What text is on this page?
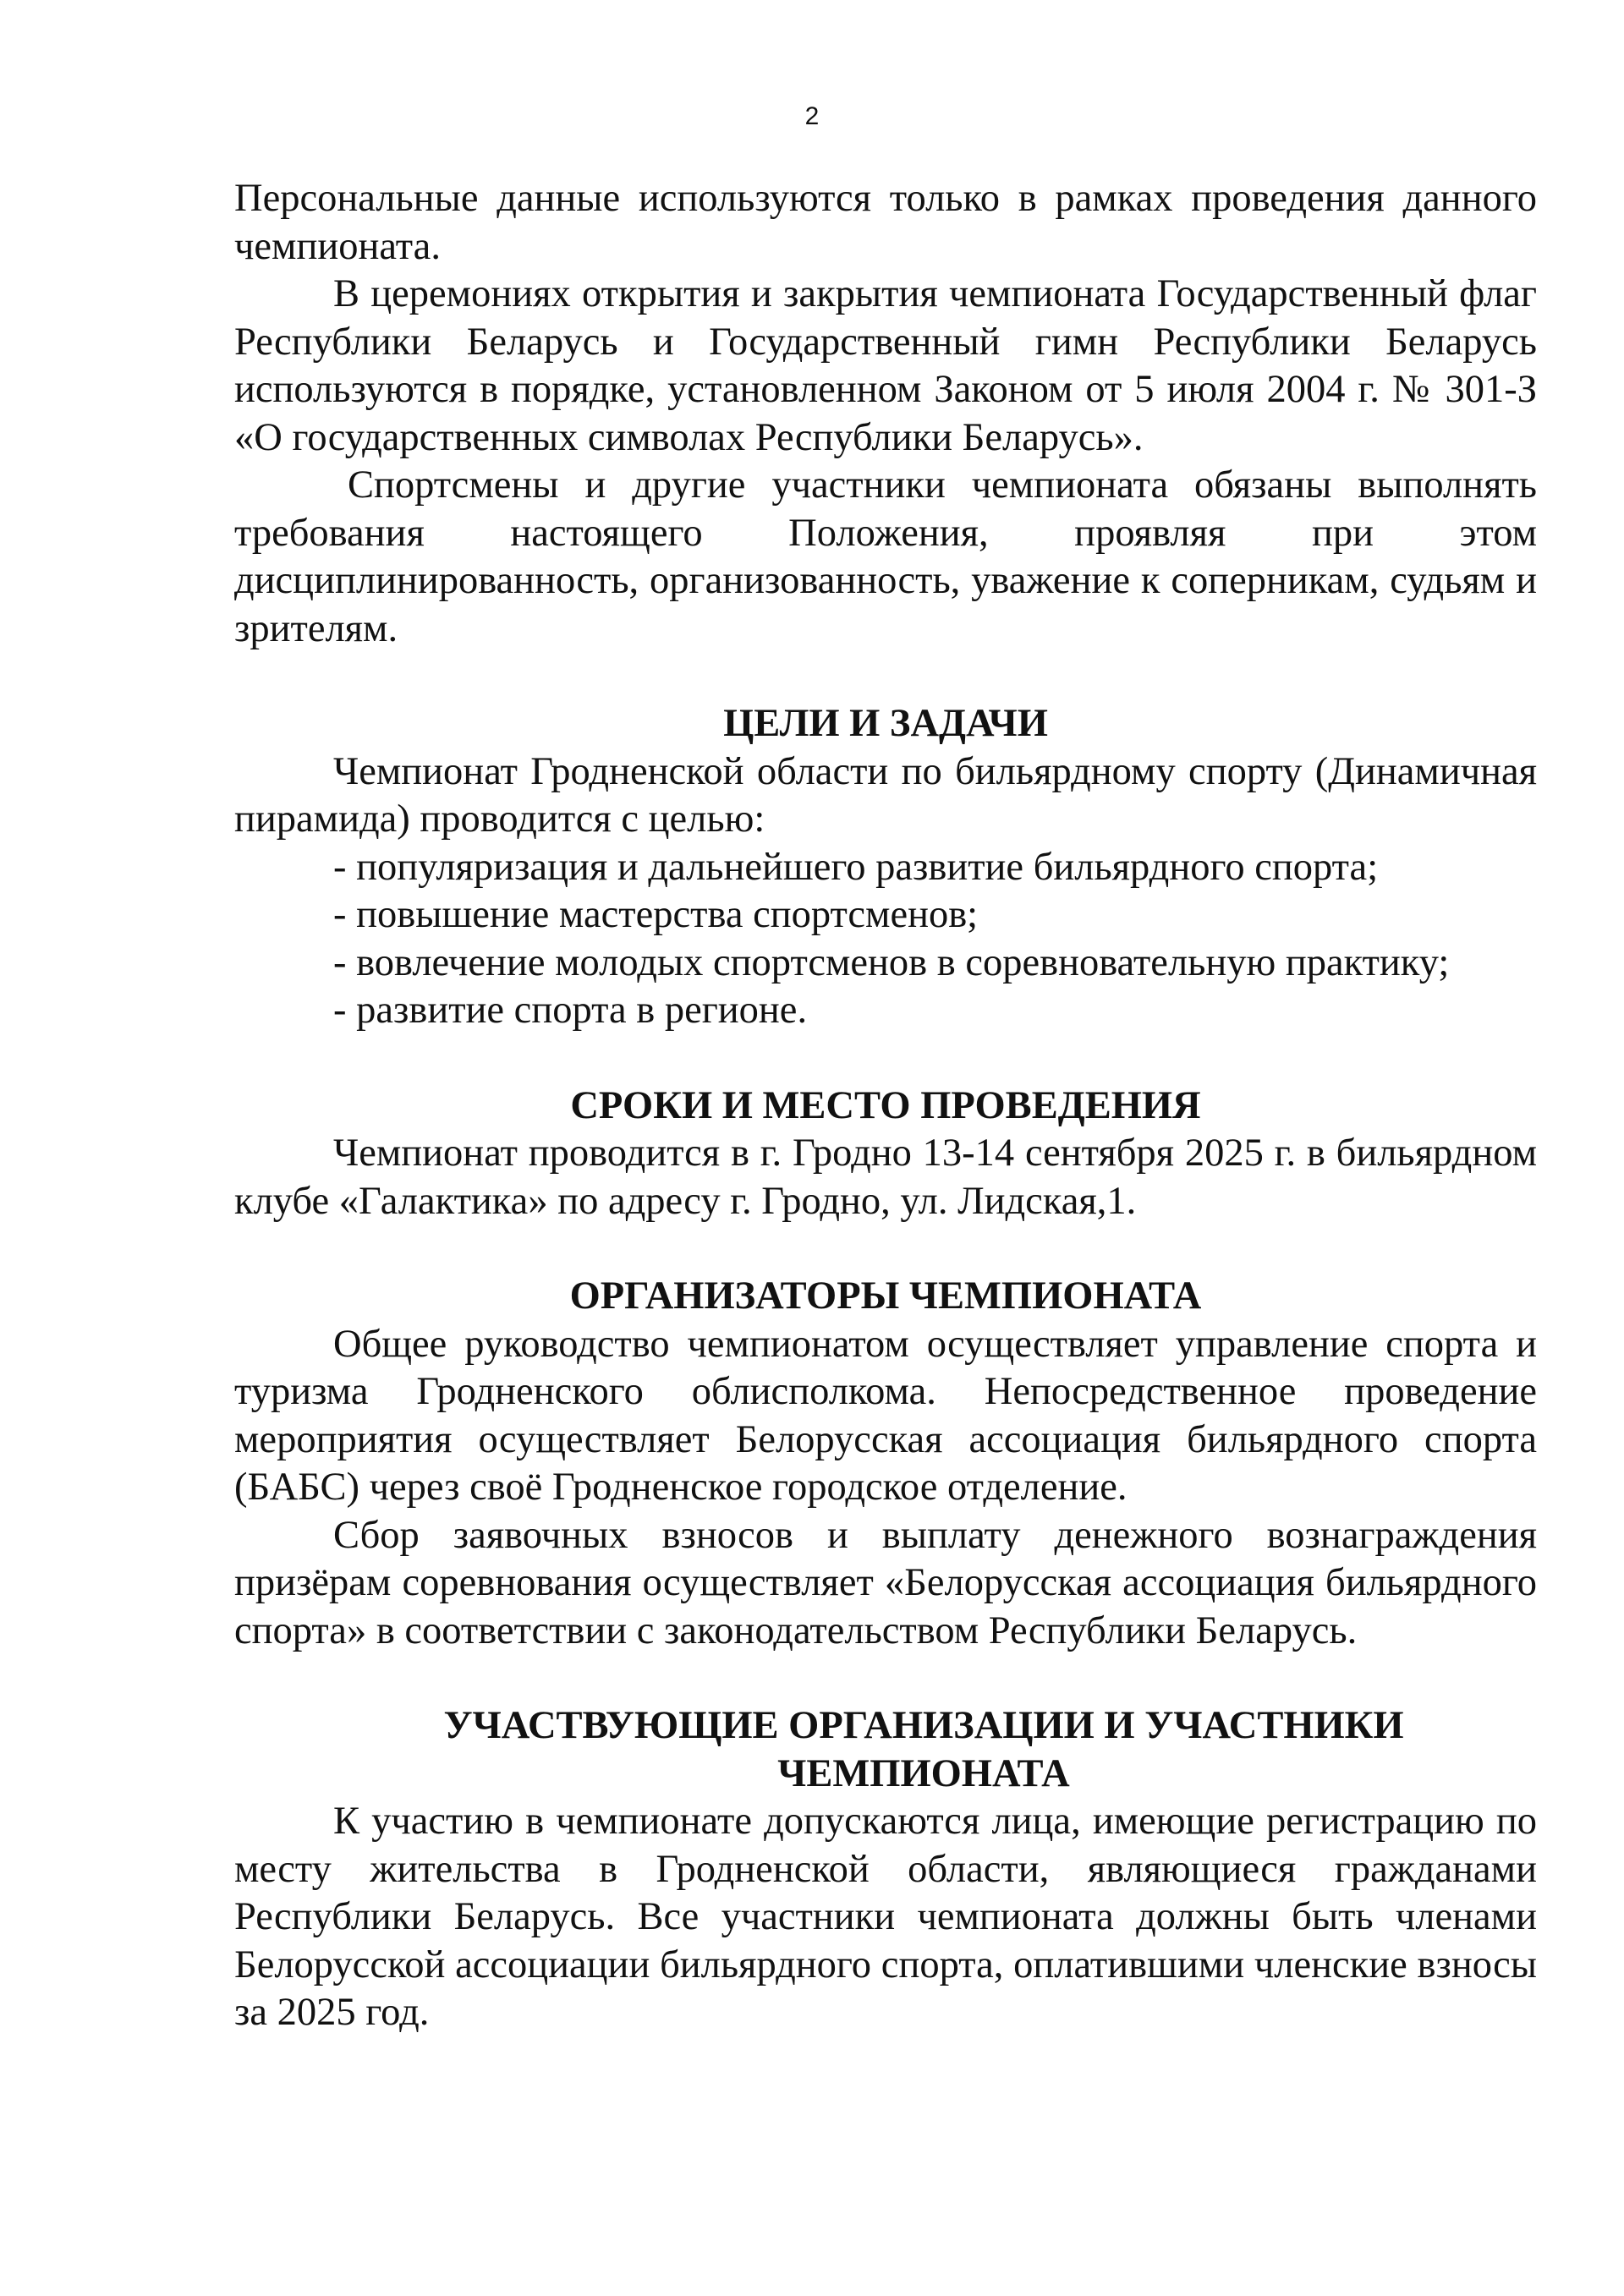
2

Персональные данные используются только в рамках проведения данного чемпионата.

В церемониях открытия и закрытия чемпионата Государственный флаг Республики Беларусь и Государственный гимн Республики Беларусь используются в порядке, установленном Законом от 5 июля 2004 г. № 301-З «О государственных символах Республики Беларусь».

Спортсмены и другие участники чемпионата обязаны выполнять требования настоящего Положения, проявляя при этом дисциплинированность, организованность, уважение к соперникам, судьям и зрителям.

ЦЕЛИ И ЗАДАЧИ

Чемпионат Гродненской области по бильярдному спорту (Динамичная пирамида) проводится с целью:

- популяризация и дальнейшего развитие бильярдного спорта;

- повышение мастерства спортсменов;

- вовлечение молодых спортсменов в соревновательную практику;

- развитие спорта в регионе.

СРОКИ И МЕСТО ПРОВЕДЕНИЯ

Чемпионат проводится в г. Гродно 13-14 сентября 2025 г. в бильярдном клубе «Галактика» по адресу г. Гродно, ул. Лидская,1.

ОРГАНИЗАТОРЫ ЧЕМПИОНАТА

Общее руководство чемпионатом осуществляет управление спорта и туризма Гродненского облисполкома. Непосредственное проведение мероприятия осуществляет Белорусская ассоциация бильярдного спорта (БАБС) через своё Гродненское городское отделение.

Сбор заявочных взносов и выплату денежного вознаграждения призёрам соревнования осуществляет «Белорусская ассоциация бильярдного спорта» в соответствии с законодательством Республики Беларусь.

УЧАСТВУЮЩИЕ ОРГАНИЗАЦИИ И УЧАСТНИКИ
ЧЕМПИОНАТА

К участию в чемпионате допускаются лица, имеющие регистрацию по месту жительства в Гродненской области, являющиеся гражданами Республики Беларусь. Все участники чемпионата должны быть членами Белорусской ассоциации бильярдного спорта, оплатившими членские взносы за 2025 год.
